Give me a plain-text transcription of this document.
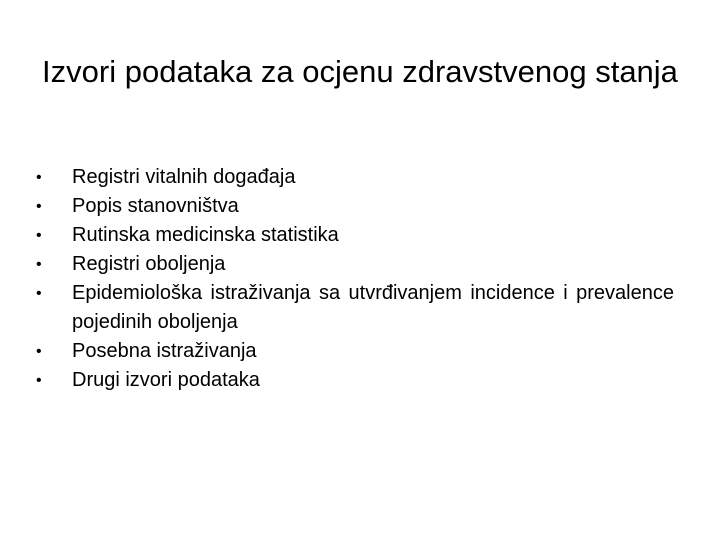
Izvori podataka za ocjenu zdravstvenog stanja
•	Registri vitalnih događaja
•	Popis stanovništva
•	Rutinska medicinska statistika
•	Registri oboljenja
•	Epidemiološka istraživanja sa utvrđivanjem incidence i prevalence pojedinih oboljenja
•	Posebna istraživanja
•	Drugi izvori podataka
